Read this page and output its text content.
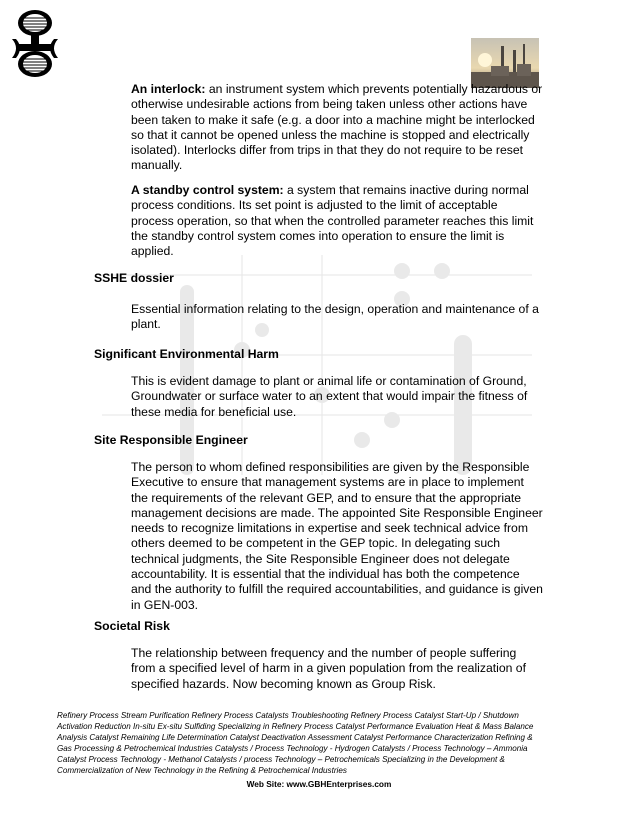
An interlock: an instrument system which prevents potentially hazardous or otherwise undesirable actions from being taken unless other actions have been taken to make it safe (e.g. a door into a machine might be interlocked so that it cannot be opened unless the machine is stopped and electrically isolated). Interlocks differ from trips in that they do not require to be reset manually.

A standby control system: a system that remains inactive during normal process conditions. Its set point is adjusted to the limit of acceptable process operation, so that when the controlled parameter reaches this limit the standby control system comes into operation to ensure the limit is applied.

SSHE dossier

Essential information relating to the design, operation and maintenance of a plant.

Significant Environmental Harm

This is evident damage to plant or animal life or contamination of Ground, Groundwater or surface water to an extent that would impair the fitness of these media for beneficial use.

Site Responsible Engineer

The person to whom defined responsibilities are given by the Responsible Executive to ensure that management systems are in place to implement the requirements of the relevant GEP, and to ensure that the appropriate management decisions are made. The appointed Site Responsible Engineer needs to recognize limitations in expertise and seek technical advice from others deemed to be competent in the GEP topic. In delegating such technical judgments, the Site Responsible Engineer does not delegate accountability. It is essential that the individual has both the competence and the authority to fulfill the required accountabilities, and guidance is given in GEN-003.

Societal Risk

The relationship between frequency and the number of people suffering from a specified level of harm in a given population from the realization of specified hazards. Now becoming known as Group Risk.

Refinery Process Stream Purification Refinery Process Catalysts Troubleshooting Refinery Process Catalyst Start-Up / Shutdown Activation Reduction In-situ Ex-situ Sulfiding Specializing in Refinery Process Catalyst Performance Evaluation Heat & Mass Balance Analysis Catalyst Remaining Life Determination Catalyst Deactivation Assessment Catalyst Performance Characterization Refining & Gas Processing & Petrochemical Industries Catalysts / Process Technology - Hydrogen Catalysts / Process Technology – Ammonia Catalyst Process Technology - Methanol Catalysts / process Technology – Petrochemicals Specializing in the Development & Commercialization of New Technology in the Refining & Petrochemical Industries
Web Site: www.GBHEnterprises.com
